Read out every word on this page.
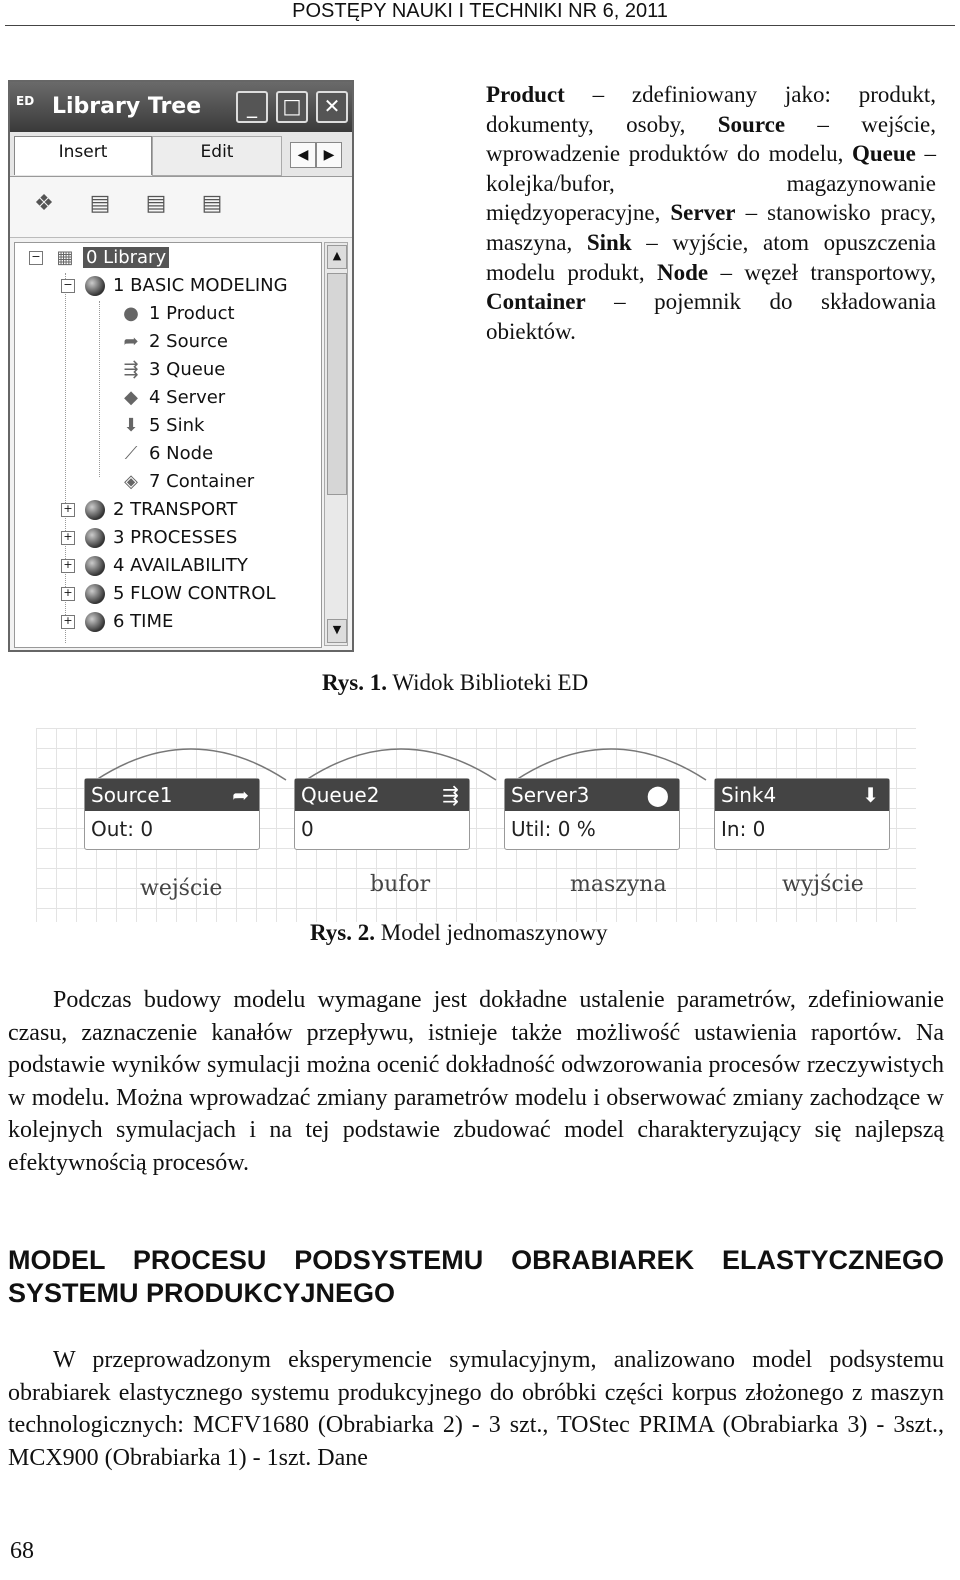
POSTĘPY NAUKI I TECHNIKI NR 6, 2011
ED Library Tree	_	□	✕
Insert	Edit	◀ ▶
❖ ▤ ▤ ▤
− ▦ 0 Library
− 1 BASIC MODELING
● 1 Product
➦ 2 Source
⇶ 3 Queue
◆ 4 Server
⬇ 5 Sink
⟋ 6 Node
◈ 7 Container
+ 2 TRANSPORT
+ 3 PROCESSES
+ 4 AVAILABILITY
+ 5 FLOW CONTROL
+ 6 TIME
▲
▼
Product – zdefiniowany jako: produkt, dokumenty, osoby, Source – wejście, wprowadzenie produktów do modelu, Queue – kolejka/bufor, magazynowanie międzyoperacyjne, Server – stanowisko pracy, maszyna, Sink – wyjście, atom opuszczenia modelu produkt, Node – węzeł transportowy, Container – pojemnik do składowania obiektów.
Rys. 1. Widok Biblioteki ED
Source1	➦
Out: 0
Queue2	⇶
0
Server3	⬤
Util: 0 %
Sink4	⬇
In: 0
wejście	bufor	maszyna	wyjście
Rys. 2. Model jednomaszynowy
Podczas budowy modelu wymagane jest dokładne ustalenie parametrów, zdefiniowanie czasu, zaznaczenie kanałów przepływu, istnieje także możliwość ustawienia raportów. Na podstawie wyników symulacji można ocenić dokładność odwzorowania procesów rzeczywistych w modelu. Można wprowadzać zmiany parametrów modelu i obserwować zmiany zachodzące w kolejnych symulacjach i na tej podstawie zbudować model charakteryzujący się najlepszą efektywnością procesów.
MODEL PROCESU PODSYSTEMU OBRABIAREK ELASTYCZNEGO SYSTEMU PRODUKCYJNEGO
W przeprowadzonym eksperymencie symulacyjnym, analizowano model podsystemu obrabiarek elastycznego systemu produkcyjnego do obróbki części korpus złożonego z maszyn technologicznych: MCFV1680 (Obrabiarka 2) - 3 szt., TOStec PRIMA (Obrabiarka 3) - 3szt., MCX900 (Obrabiarka 1) - 1szt. Dane
68
